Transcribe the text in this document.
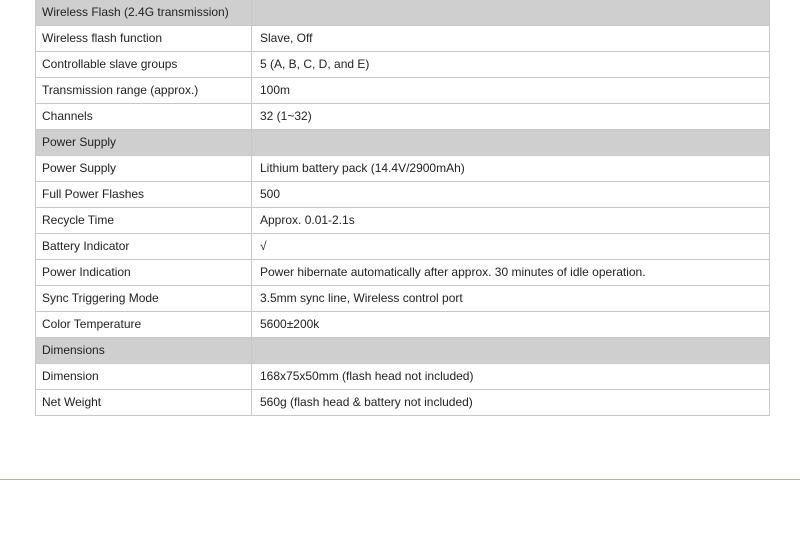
Wireless Flash (2.4G transmission)	
Wireless flash function	Slave, Off
Controllable slave groups	5 (A, B, C, D, and E)
Transmission range (approx.)	100m
Channels	32 (1~32)
Power Supply	
Power Supply	Lithium battery pack (14.4V/2900mAh)
Full Power Flashes	500
Recycle Time	Approx. 0.01-2.1s
Battery Indicator	√
Power Indication	Power hibernate automatically after approx. 30 minutes of idle operation.
Sync Triggering Mode	3.5mm sync line, Wireless control port
Color Temperature	5600±200k
Dimensions	
Dimension	168x75x50mm (flash head not included)
Net Weight	560g (flash head & battery not included)
